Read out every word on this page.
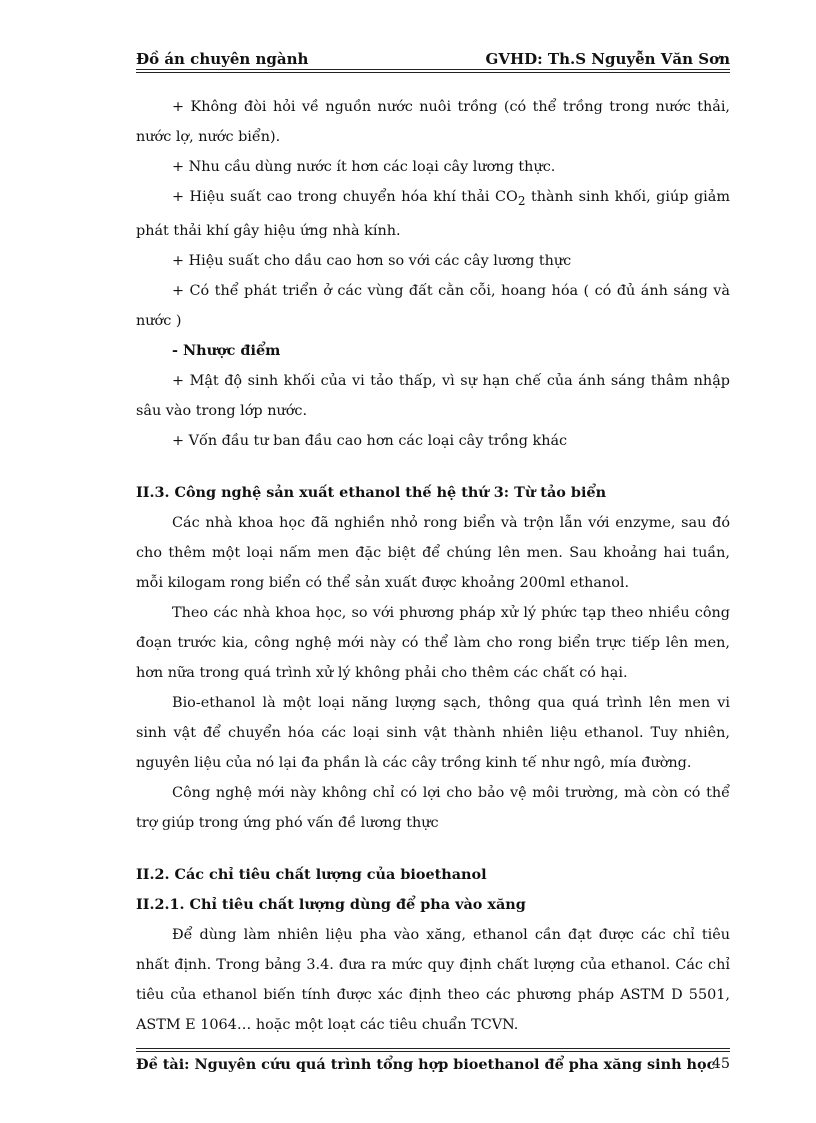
Đồ án chuyên ngành	GVHD: Th.S Nguyễn Văn Sơn

+ Không đòi hỏi về nguồn nước nuôi trồng (có thể trồng trong nước thải, nước lợ, nước biển).

+ Nhu cầu dùng nước ít hơn các loại cây lương thực.

+ Hiệu suất cao trong chuyển hóa khí thải $CO_2$ thành sinh khối, giúp giảm phát thải khí gây hiệu ứng nhà kính.

+ Hiệu suất cho dầu cao hơn so với các cây lương thực

+ Có thể phát triển ở các vùng đất cằn cỗi, hoang hóa ( có đủ ánh sáng và nước )

- Nhược điểm

+ Mật độ sinh khối của vi tảo thấp, vì sự hạn chế của ánh sáng thâm nhập sâu vào trong lớp nước.

+ Vốn đầu tư ban đầu cao hơn các loại cây trồng khác

II.3. Công nghệ sản xuất ethanol thế hệ thứ 3: Từ tảo biển

Các nhà khoa học đã nghiền nhỏ rong biển và trộn lẫn với enzyme, sau đó cho thêm một loại nấm men đặc biệt để chúng lên men. Sau khoảng hai tuần, mỗi kilogam rong biển có thể sản xuất được khoảng 200ml ethanol.

Theo các nhà khoa học, so với phương pháp xử lý phức tạp theo nhiều công đoạn trước kia, công nghệ mới này có thể làm cho rong biển trực tiếp lên men, hơn nữa trong quá trình xử lý không phải cho thêm các chất có hại.

Bio-ethanol là một loại năng lượng sạch, thông qua quá trình lên men vi sinh vật để chuyển hóa các loại sinh vật thành nhiên liệu ethanol. Tuy nhiên, nguyên liệu của nó lại đa phần là các cây trồng kinh tế như ngô, mía đường.

Công nghệ mới này không chỉ có lợi cho bảo vệ môi trường, mà còn có thể trợ giúp trong ứng phó vấn đề lương thực

II.2. Các chỉ tiêu chất lượng của bioethanol

II.2.1. Chỉ tiêu chất lượng dùng để pha vào xăng

Để dùng làm nhiên liệu pha vào xăng, ethanol cần đạt được các chỉ tiêu nhất định. Trong bảng 3.4. đưa ra mức quy định chất lượng của ethanol. Các chỉ tiêu của ethanol biến tính được xác định theo các phương pháp ASTM D 5501, ASTM E 1064… hoặc một loạt các tiêu chuẩn TCVN.

Đề tài: Nguyên cứu quá trình tổng hợp bioethanol để pha xăng sinh học
45
